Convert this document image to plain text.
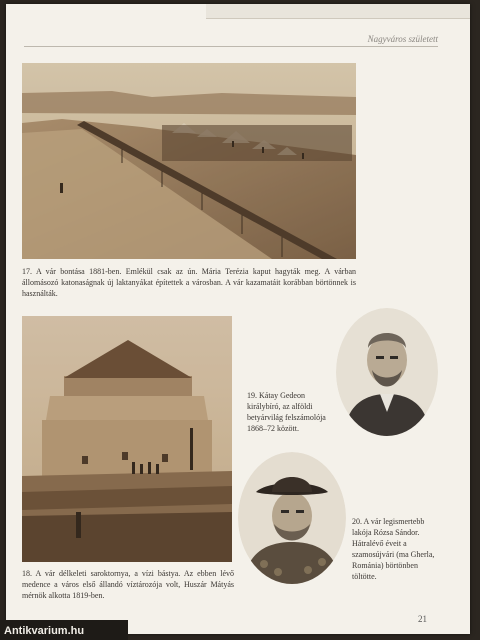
Nagyváros született
17. A vár bontása 1881-ben. Emlékül csak az ún. Mária Terézia kaput hagyták meg. A várban állomásozó katonaságnak új laktanyákat építettek a városban. A vár kazamatáit korábban börtönnek is használták.
18. A vár délkeleti saroktornya, a vízi bástya. Az ebben lévő medence a város első állandó víztározója volt, Huszár Mátyás mérnök alkotta 1819-ben.
19. Kátay Gedeon királybíró, az alföldi betyárvilág felszámolója 1868–72 között.
20. A vár legismertebb lakója Rózsa Sándor. Hátralévő éveit a szamosújvári (ma Gherla, Románia) börtönben töltötte.
21
Antikvarium.hu
